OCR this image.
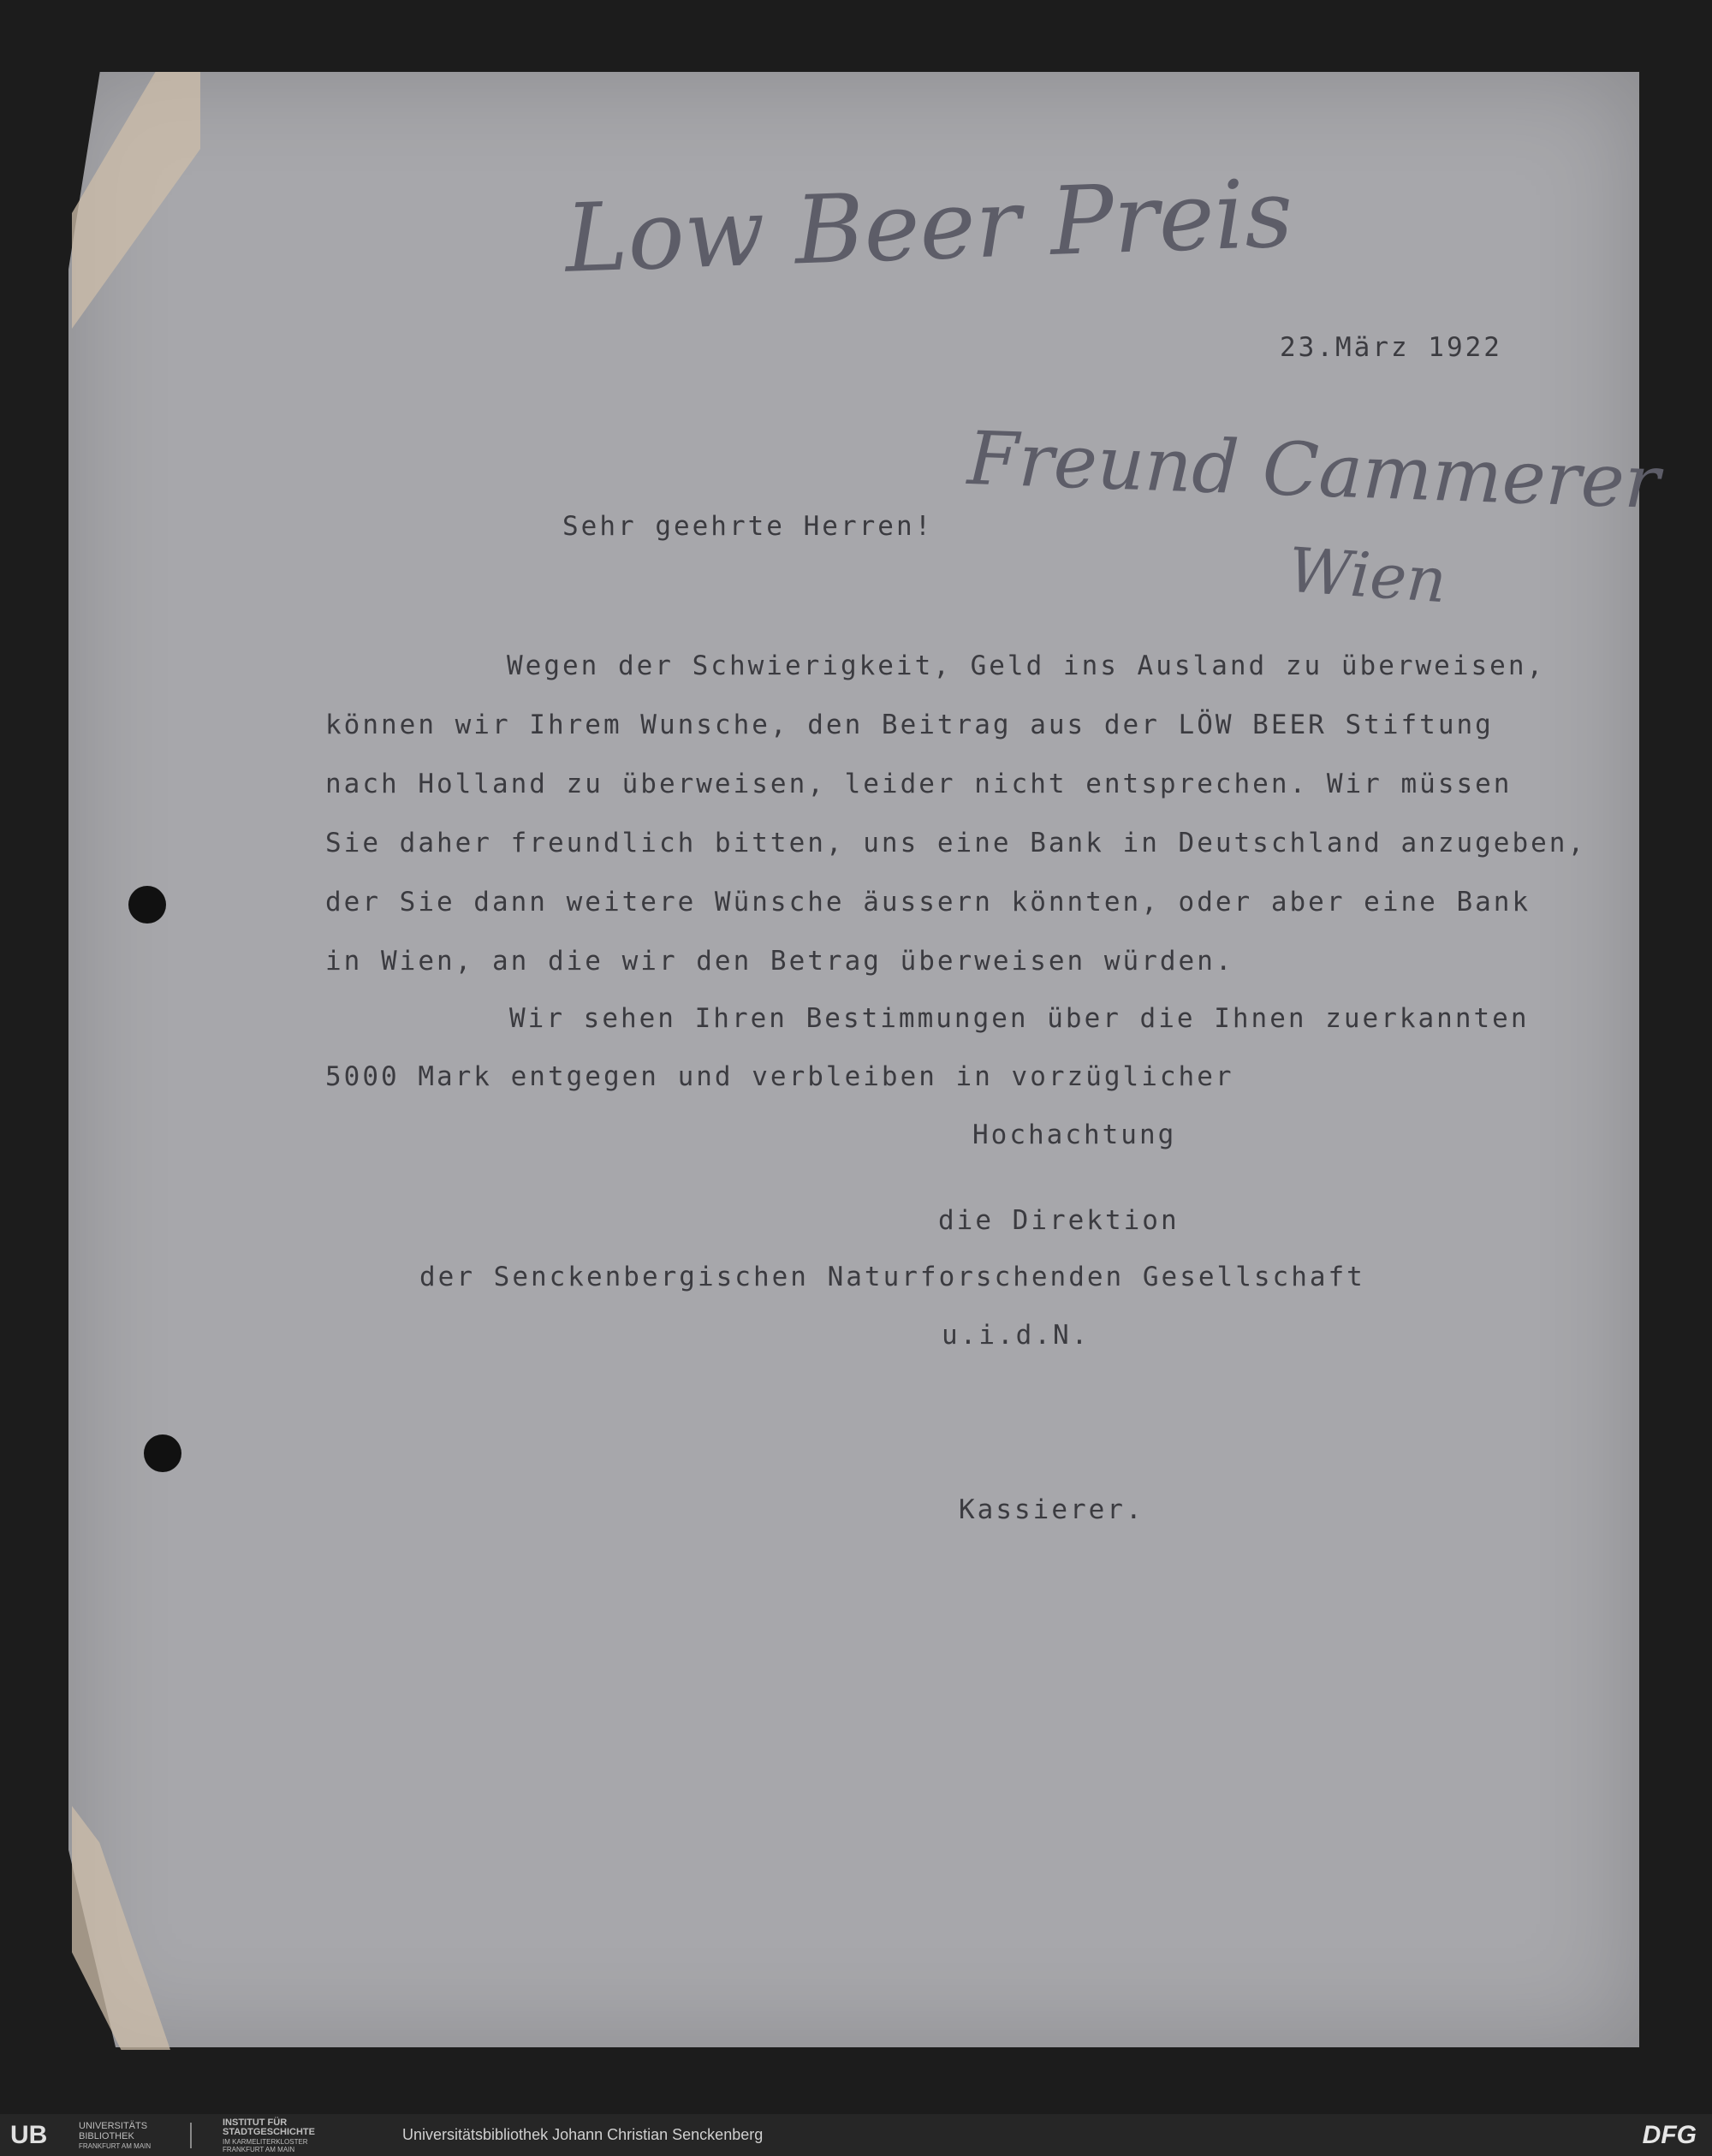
Low Beer Preis

Freund Cammerer

Wien

23.März 1922

Sehr geehrte Herren!

Wegen der Schwierigkeit, Geld ins Ausland zu überweisen,

können wir Ihrem Wunsche, den Beitrag aus der LÖW BEER Stiftung

nach Holland zu überweisen, leider nicht entsprechen. Wir müssen

Sie daher freundlich bitten, uns eine Bank in Deutschland anzugeben,

der Sie dann weitere Wünsche äussern könnten, oder aber eine Bank

in Wien, an die wir den Betrag überweisen würden.

Wir sehen Ihren Bestimmungen über die Ihnen zuerkannten

5000 Mark entgegen und verbleiben in vorzüglicher

Hochachtung

die Direktion

der Senckenbergischen Naturforschenden Gesellschaft

u.i.d.N.

Kassierer.

UB	UNIVERSITÄTS
BIBLIOTHEK
FRANKFURT AM MAIN
INSTITUT FÜR
STADTGESCHICHTE
IM KARMELITERKLOSTER
FRANKFURT AM MAIN
Universitätsbibliothek Johann Christian Senckenberg	DFG
